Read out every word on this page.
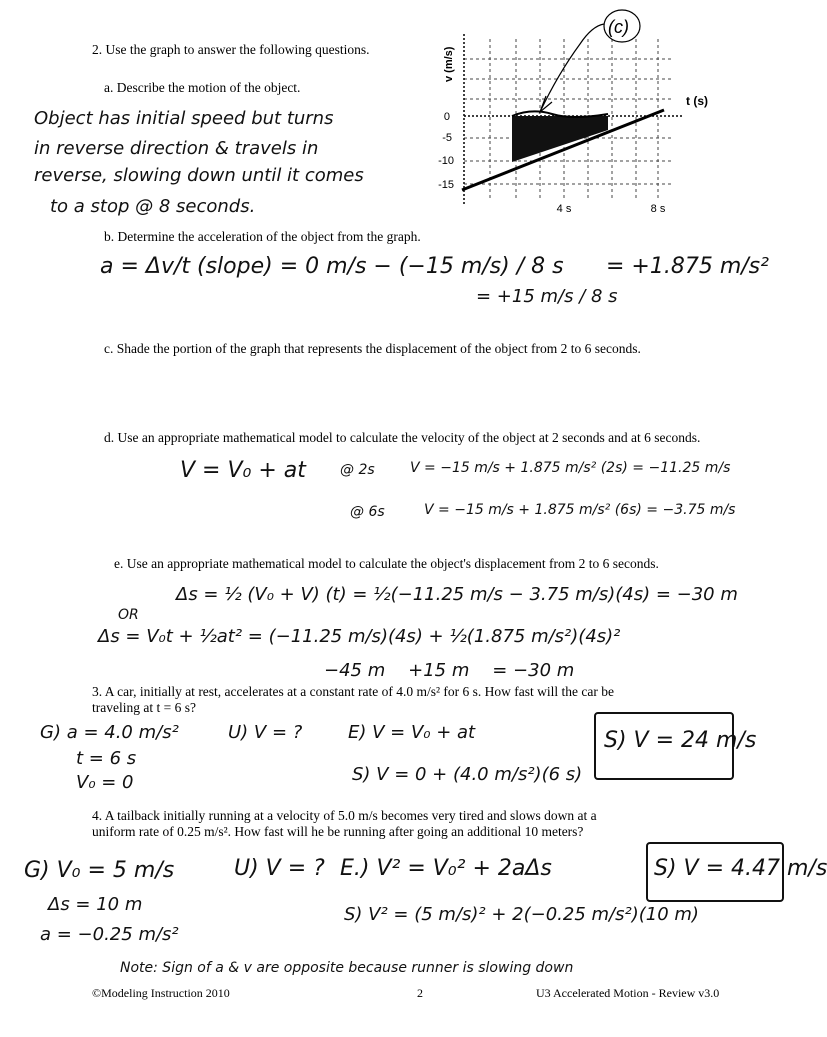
2. Use the graph to answer the following questions.
a. Describe the motion of the object.
Object has initial speed but turns
in reverse direction & travels in
reverse, slowing down until it comes
to a stop @ 8 seconds.
(c)
v (m/s)
t (s)
0
-5
-10
-15
4 s	8 s
b. Determine the acceleration of the object from the graph.
a = Δv/t (slope) = 0 m/s − (−15 m/s) / 8 s
= +15 m/s / 8 s
= +1.875 m/s²
c. Shade the portion of the graph that represents the displacement of the object from 2 to 6 seconds.
d. Use an appropriate mathematical model to calculate the velocity of the object at 2 seconds and at 6 seconds.
V = V₀ + at @ 2s	V = −15 m/s + 1.875 m/s² (2s) = −11.25 m/s
@ 6s	V = −15 m/s + 1.875 m/s² (6s) = −3.75 m/s
e. Use an appropriate mathematical model to calculate the object's displacement from 2 to 6 seconds.
Δs = ½ (V₀ + V) (t) = ½(−11.25 m/s − 3.75 m/s)(4s) = −30 m
OR
Δs = V₀t + ½at² = (−11.25 m/s)(4s) + ½(1.875 m/s²)(4s)²
−45 m    +15 m    = −30 m
3. A car, initially at rest, accelerates at a constant rate of 4.0 m/s² for 6 s. How fast will the car be
traveling at t = 6 s?
G) a = 4.0 m/s²
t = 6 s
V₀ = 0
U) V = ?	E) V = V₀ + at
S) V = 0 + (4.0 m/s²)(6 s)
S) V = 24 m/s
4. A tailback initially running at a velocity of 5.0 m/s becomes very tired and slows down at a
uniform rate of 0.25 m/s². How fast will he be running after going an additional 10 meters?
G) V₀ = 5 m/s
Δs = 10 m
a = −0.25 m/s²
U) V = ? E.) V² = V₀² + 2aΔs
S) V² = (5 m/s)² + 2(−0.25 m/s²)(10 m)
S) V = 4.47 m/s
Note: Sign of a & v are opposite because runner is slowing down
©Modeling Instruction 2010	2	U3 Accelerated Motion - Review v3.0
